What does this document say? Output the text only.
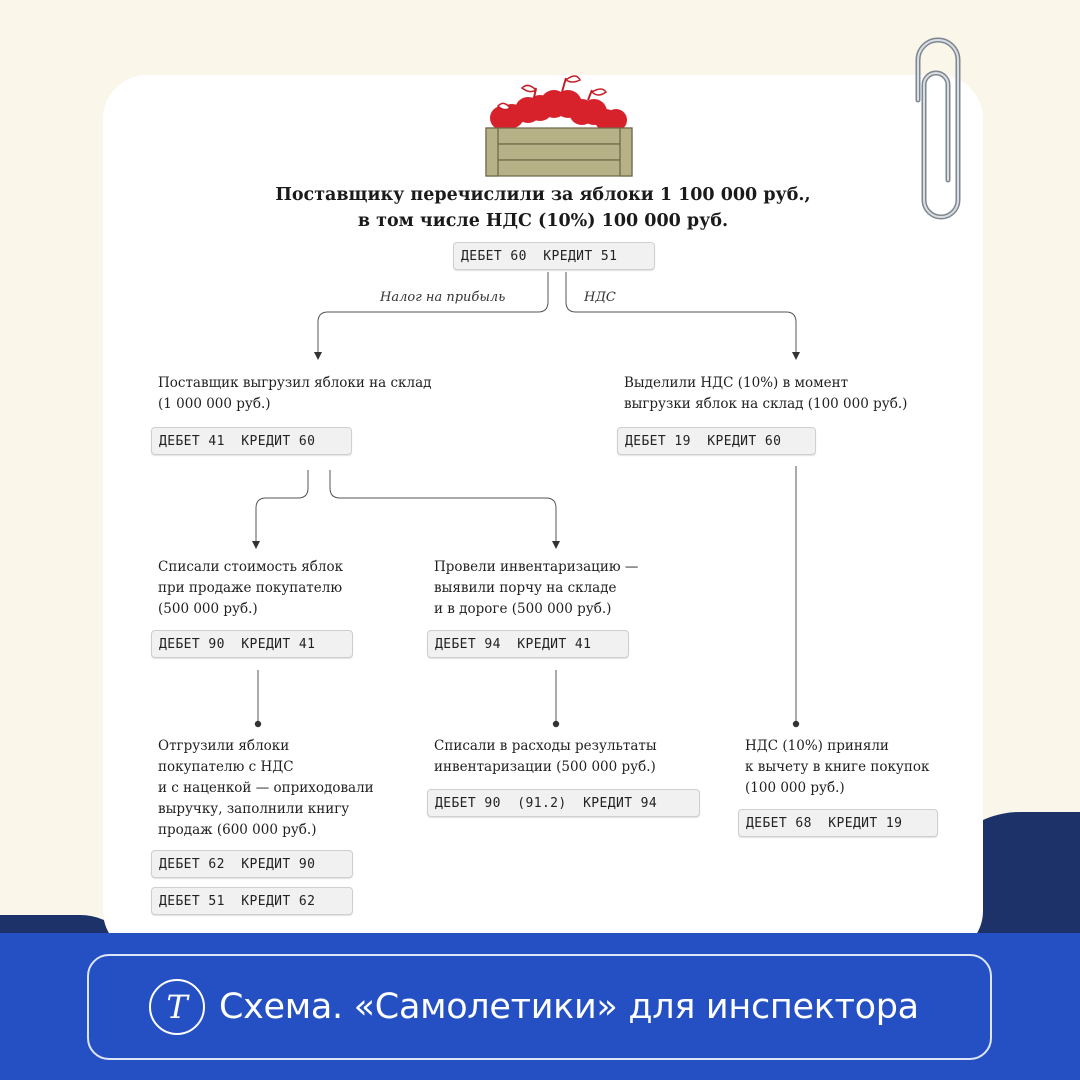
Поставщику перечислили за яблоки 1 100 000 руб.,
в том числе НДС (10%) 100 000 руб.
ДЕБЕТ 60  КРЕДИТ 51
Налог на прибыль	НДС
Поставщик выгрузил яблоки на склад
(1 000 000 руб.)
ДЕБЕТ 41  КРЕДИТ 60
Выделили НДС (10%) в момент
выгрузки яблок на склад (100 000 руб.)
ДЕБЕТ 19  КРЕДИТ 60
Списали стоимость яблок
при продаже покупателю
(500 000 руб.)
ДЕБЕТ 90  КРЕДИТ 41
Провели инвентаризацию —
выявили порчу на складе
и в дороге (500 000 руб.)
ДЕБЕТ 94  КРЕДИТ 41
Отгрузили яблоки
покупателю с НДС
и с наценкой — оприходовали
выручку, заполнили книгу
продаж (600 000 руб.)
ДЕБЕТ 62  КРЕДИТ 90
ДЕБЕТ 51  КРЕДИТ 62
Списали в расходы результаты
инвентаризации (500 000 руб.)
ДЕБЕТ 90  (91.2)  КРЕДИТ 94
НДС (10%) приняли
к вычету в книге покупок
(100 000 руб.)
ДЕБЕТ 68  КРЕДИТ 19
T Схема. «Самолетики» для инспектора
